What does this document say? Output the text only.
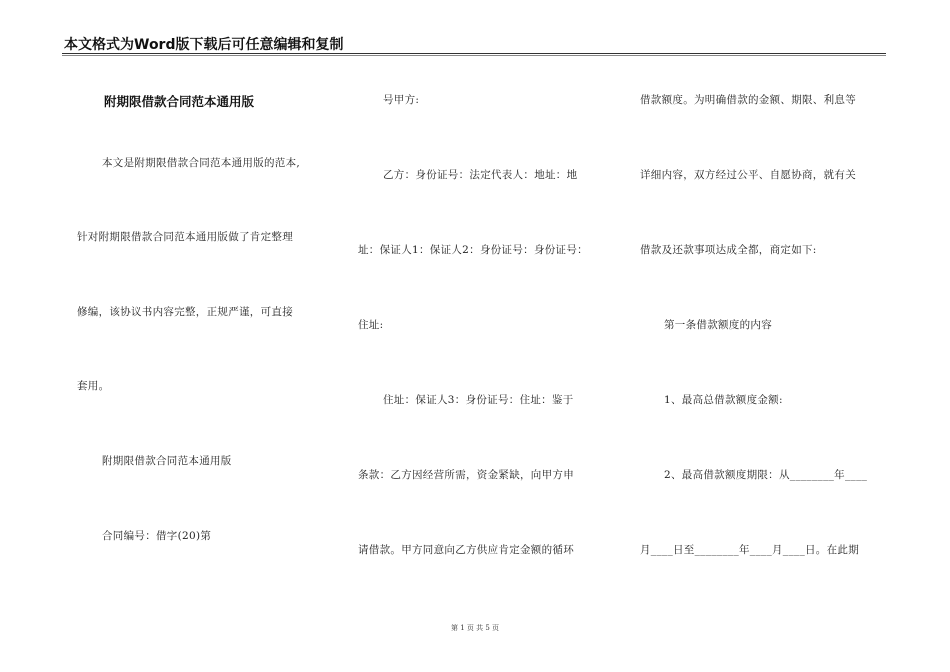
本文格式为Word版下载后可任意编辑和复制
附期限借款合同范本通用版
本文是附期限借款合同范本通用版的范本,
针对附期限借款合同范本通用版做了肯定整理
修编，该协议书内容完整，正规严谨，可直接
套用。
附期限借款合同范本通用版
合同编号：借字(20)第
号甲方:
乙方：身份证号：法定代表人：地址：地
址：保证人1：保证人2：身份证号：身份证号：
住址:
住址：保证人3：身份证号：住址：鉴于
条款：乙方因经营所需，资金紧缺，向甲方申
请借款。甲方同意向乙方供应肯定金额的循环
借款额度。为明确借款的金额、期限、利息等
详细内容，双方经过公平、自愿协商，就有关
借款及还款事项达成全都，商定如下:
第一条借款额度的内容
1、最高总借款额度金额:
2、最高借款额度期限：从________年____
月____日至________年____月____日。在此期
第 1 页 共 5 页
